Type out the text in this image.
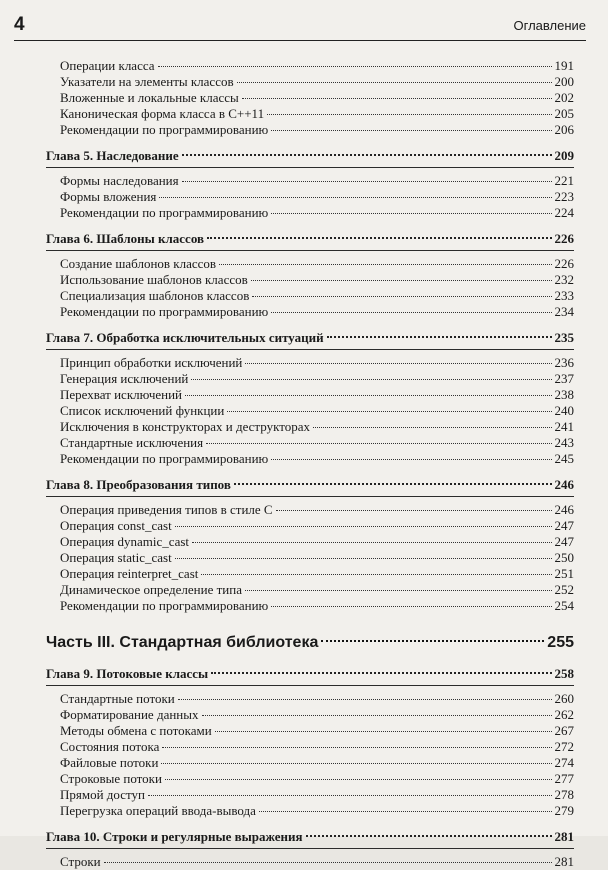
4	Оглавление
Операции класса	191
Указатели на элементы классов	200
Вложенные и локальные классы	202
Каноническая форма класса в C++11	205
Рекомендации по программированию	206
Глава 5. Наследование	209
Формы наследования	221
Формы вложения	223
Рекомендации по программированию	224
Глава 6. Шаблоны классов	226
Создание шаблонов классов	226
Использование шаблонов классов	232
Специализация шаблонов классов	233
Рекомендации по программированию	234
Глава 7. Обработка исключительных ситуаций	235
Принцип обработки исключений	236
Генерация исключений	237
Перехват исключений	238
Список исключений функции	240
Исключения в конструкторах и деструкторах	241
Стандартные исключения	243
Рекомендации по программированию	245
Глава 8. Преобразования типов	246
Операция приведения типов в стиле С	246
Операция const_cast	247
Операция dynamic_cast	247
Операция static_cast	250
Операция reinterpret_cast	251
Динамическое определение типа	252
Рекомендации по программированию	254
Часть III. Стандартная библиотека	255
Глава 9. Потоковые классы	258
Стандартные потоки	260
Форматирование данных	262
Методы обмена с потоками	267
Состояния потока	272
Файловые потоки	274
Строковые потоки	277
Прямой доступ	278
Перегрузка операций ввода-вывода	279
Глава 10. Строки и регулярные выражения	281
Строки	281
